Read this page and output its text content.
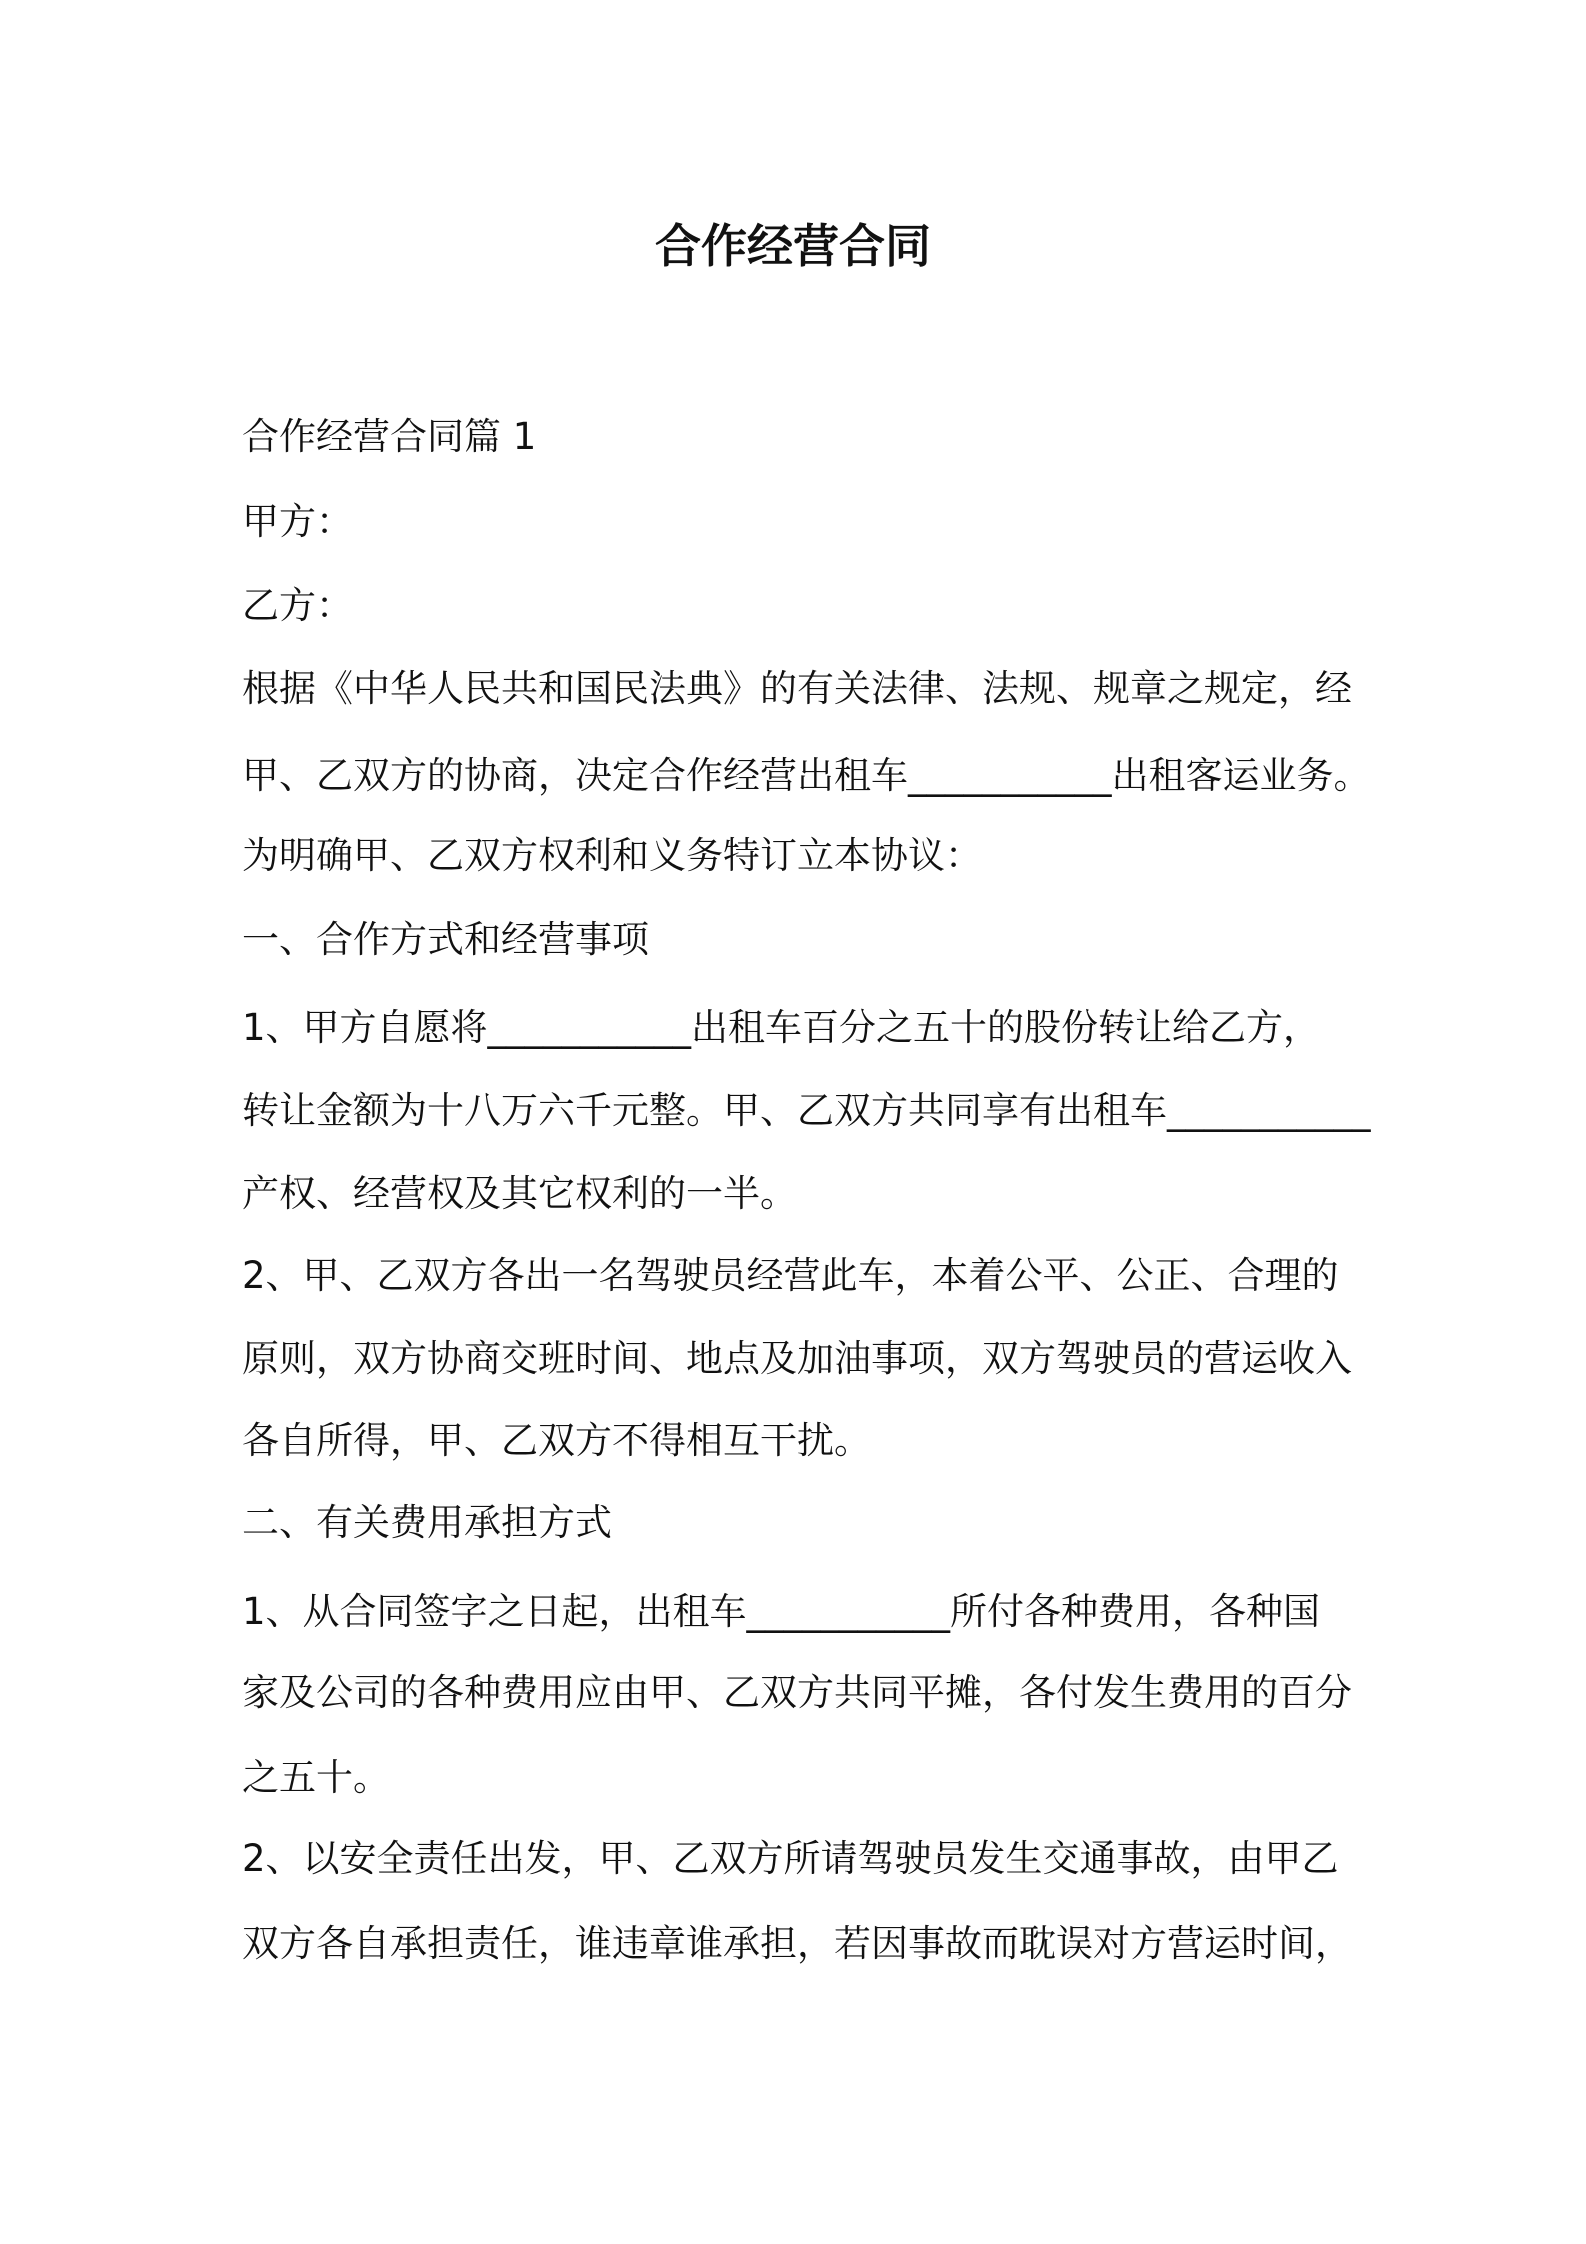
合作经营合同
合作经营合同篇 1
甲方：
乙方：
根据《中华人民共和国民法典》的有关法律、法规、规章之规定，经
甲、乙双方的协商，决定合作经营出租车___________出租客运业务。
为明确甲、乙双方权利和义务特订立本协议：
一、合作方式和经营事项
1、甲方自愿将___________出租车百分之五十的股份转让给乙方，
转让金额为十八万六千元整。甲、乙双方共同享有出租车___________
产权、经营权及其它权利的一半。
2、甲、乙双方各出一名驾驶员经营此车，本着公平、公正、合理的
原则，双方协商交班时间、地点及加油事项，双方驾驶员的营运收入
各自所得，甲、乙双方不得相互干扰。
二、有关费用承担方式
1、从合同签字之日起，出租车___________所付各种费用，各种国
家及公司的各种费用应由甲、乙双方共同平摊，各付发生费用的百分
之五十。
2、以安全责任出发，甲、乙双方所请驾驶员发生交通事故，由甲乙
双方各自承担责任，谁违章谁承担，若因事故而耽误对方营运时间，
